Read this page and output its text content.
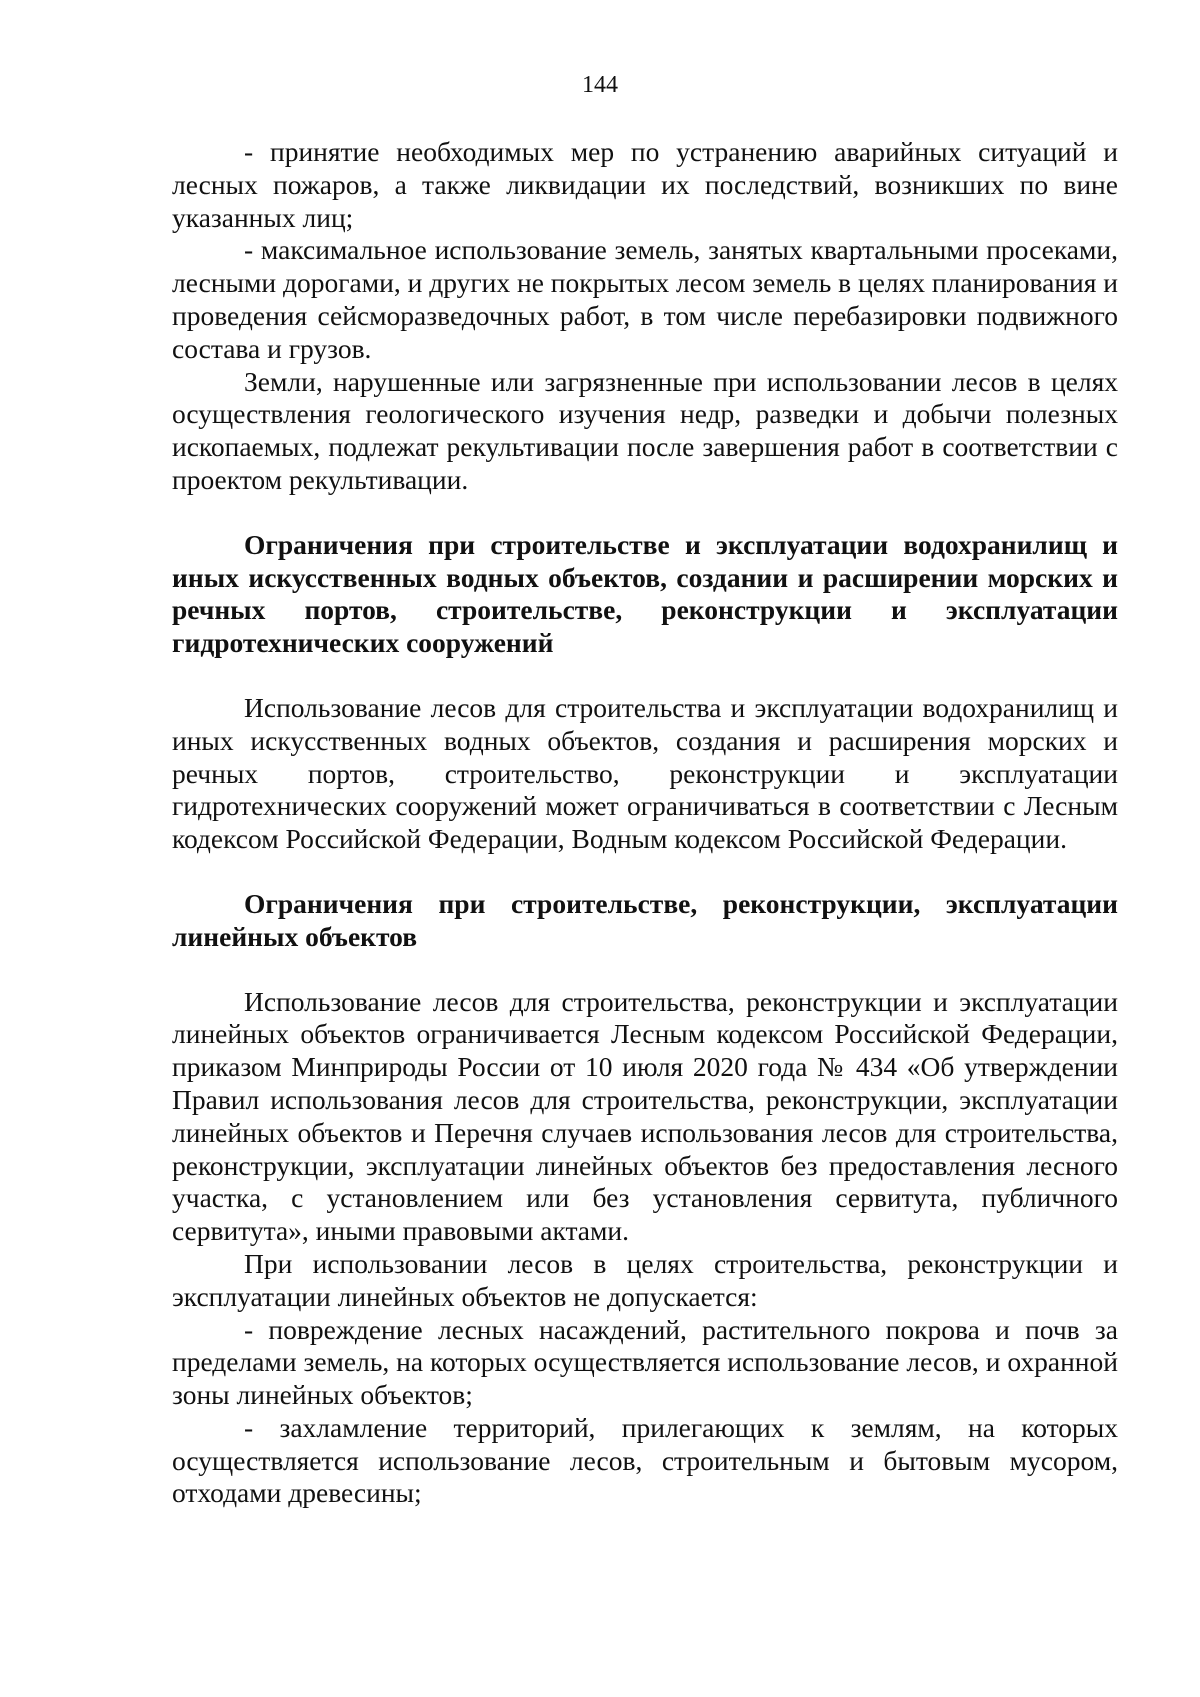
144

- принятие необходимых мер по устранению аварийных ситуаций и лесных пожаров, а также ликвидации их последствий, возникших по вине указанных лиц;

- максимальное использование земель, занятых квартальными просеками, лесными дорогами, и других не покрытых лесом земель в целях планирования и проведения сейсморазведочных работ, в том числе перебазировки подвижного состава и грузов.

Земли, нарушенные или загрязненные при использовании лесов в целях осуществления геологического изучения недр, разведки и добычи полезных ископаемых, подлежат рекультивации после завершения работ в соответствии с проектом рекультивации.

Ограничения при строительстве и эксплуатации водохранилищ и иных искусственных водных объектов, создании и расширении морских и речных портов, строительстве, реконструкции и эксплуатации гидротехнических сооружений

Использование лесов для строительства и эксплуатации водохранилищ и иных искусственных водных объектов, создания и расширения морских и речных портов, строительство, реконструкции и эксплуатации гидротехнических сооружений может ограничиваться в соответствии с Лесным кодексом Российской Федерации, Водным кодексом Российской Федерации.

Ограничения при строительстве, реконструкции, эксплуатации линейных объектов

Использование лесов для строительства, реконструкции и эксплуатации линейных объектов ограничивается Лесным кодексом Российской Федерации, приказом Минприроды России от 10 июля 2020 года № 434 «Об утверждении Правил использования лесов для строительства, реконструкции, эксплуатации линейных объектов и Перечня случаев использования лесов для строительства, реконструкции, эксплуатации линейных объектов без предоставления лесного участка, с установлением или без установления сервитута, публичного сервитута», иными правовыми актами.

При использовании лесов в целях строительства, реконструкции и эксплуатации линейных объектов не допускается:

- повреждение лесных насаждений, растительного покрова и почв за пределами земель, на которых осуществляется использование лесов, и охранной зоны линейных объектов;

- захламление территорий, прилегающих к землям, на которых осуществляется использование лесов, строительным и бытовым мусором, отходами древесины;
